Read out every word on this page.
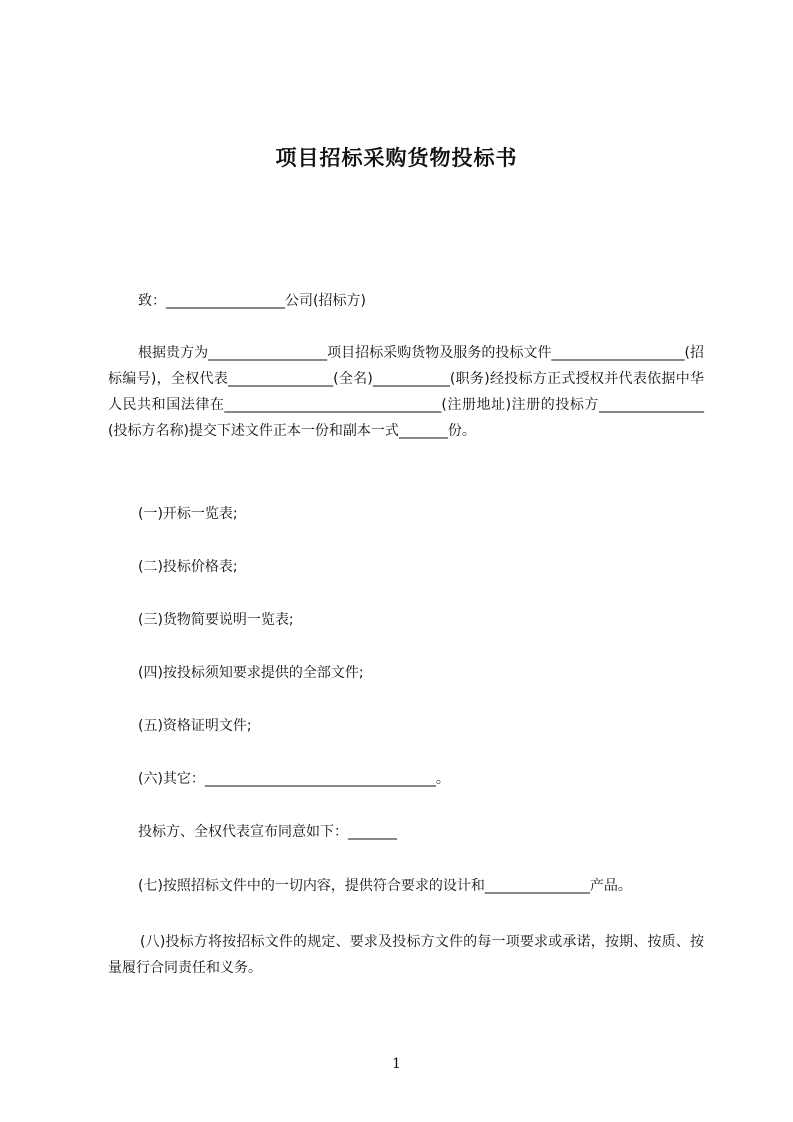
项目招标采购货物投标书
致：_________________公司(招标方)
根据贵方为_________________项目招标采购货物及服务的投标文件___________________(招标编号)，全权代表_______________(全名)___________(职务)经投标方正式授权并代表依据中华人民共和国法律在_______________________________(注册地址)注册的投标方_______________(投标方名称)提交下述文件正本一份和副本一式_______份。
(一)开标一览表;
(二)投标价格表;
(三)货物简要说明一览表;
(四)按投标须知要求提供的全部文件;
(五)资格证明文件;
(六)其它：_________________________________。
投标方、全权代表宣布同意如下：_______
(七)按照招标文件中的一切内容，提供符合要求的设计和_______________产品。
(八)投标方将按招标文件的规定、要求及投标方文件的每一项要求或承诺，按期、按质、按量履行合同责任和义务。
1
